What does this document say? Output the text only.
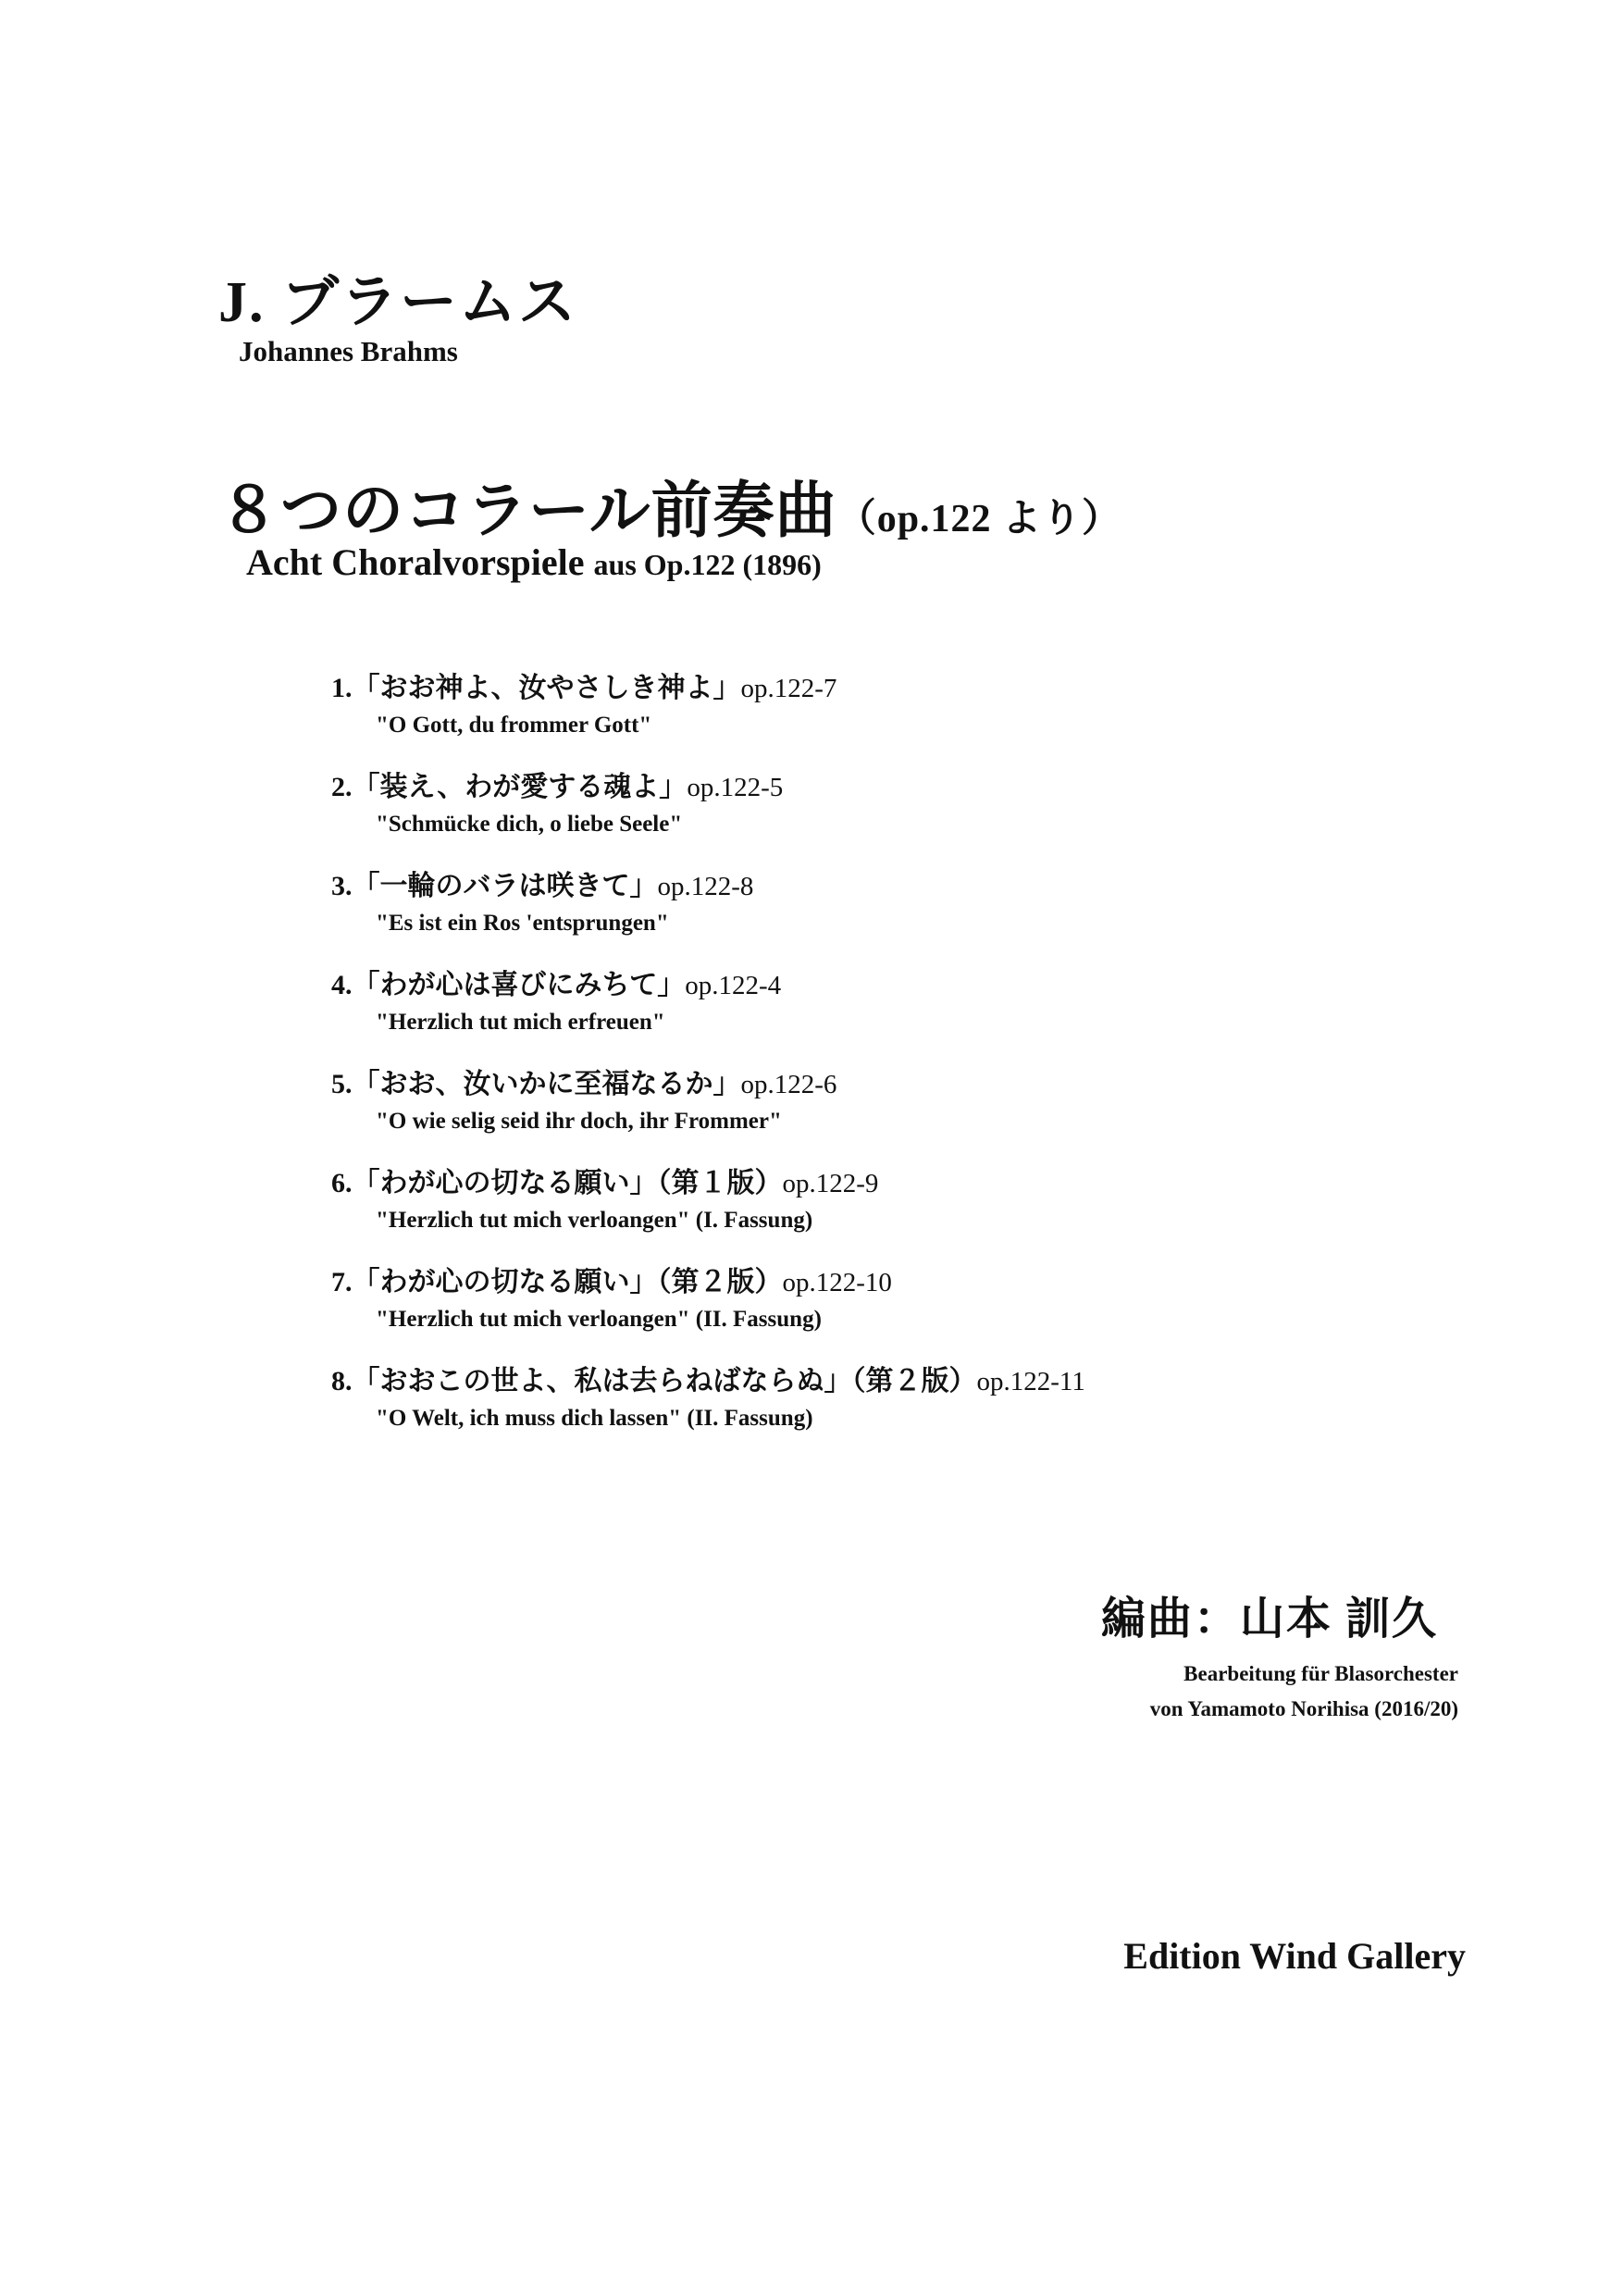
J. ブラームス
Johannes Brahms
８つのコラール前奏曲（op.122 より）
Acht Choralvorspiele aus Op.122 (1896)
1.「おお神よ、汝やさしき神よ」op.122-7
"O Gott, du frommer Gott"
2.「装え、わが愛する魂よ」op.122-5
"Schmücke dich, o liebe Seele"
3.「一輪のバラは咲きて」op.122-8
"Es ist ein Ros 'entsprungen"
4.「わが心は喜びにみちて」op.122-4
"Herzlich tut mich erfreuen"
5.「おお、汝いかに至福なるか」op.122-6
"O wie selig seid ihr doch, ihr Frommer"
6.「わが心の切なる願い」（第１版）op.122-9
"Herzlich tut mich verloangen" (I. Fassung)
7.「わが心の切なる願い」（第２版）op.122-10
"Herzlich tut mich verloangen" (II. Fassung)
8.「おおこの世よ、私は去らねばならぬ」（第２版）op.122-11
"O Welt, ich muss dich lassen" (II. Fassung)
編曲：山本 訓久
Bearbeitung für Blasorchester
von Yamamoto Norihisa (2016/20)
Edition Wind Gallery
